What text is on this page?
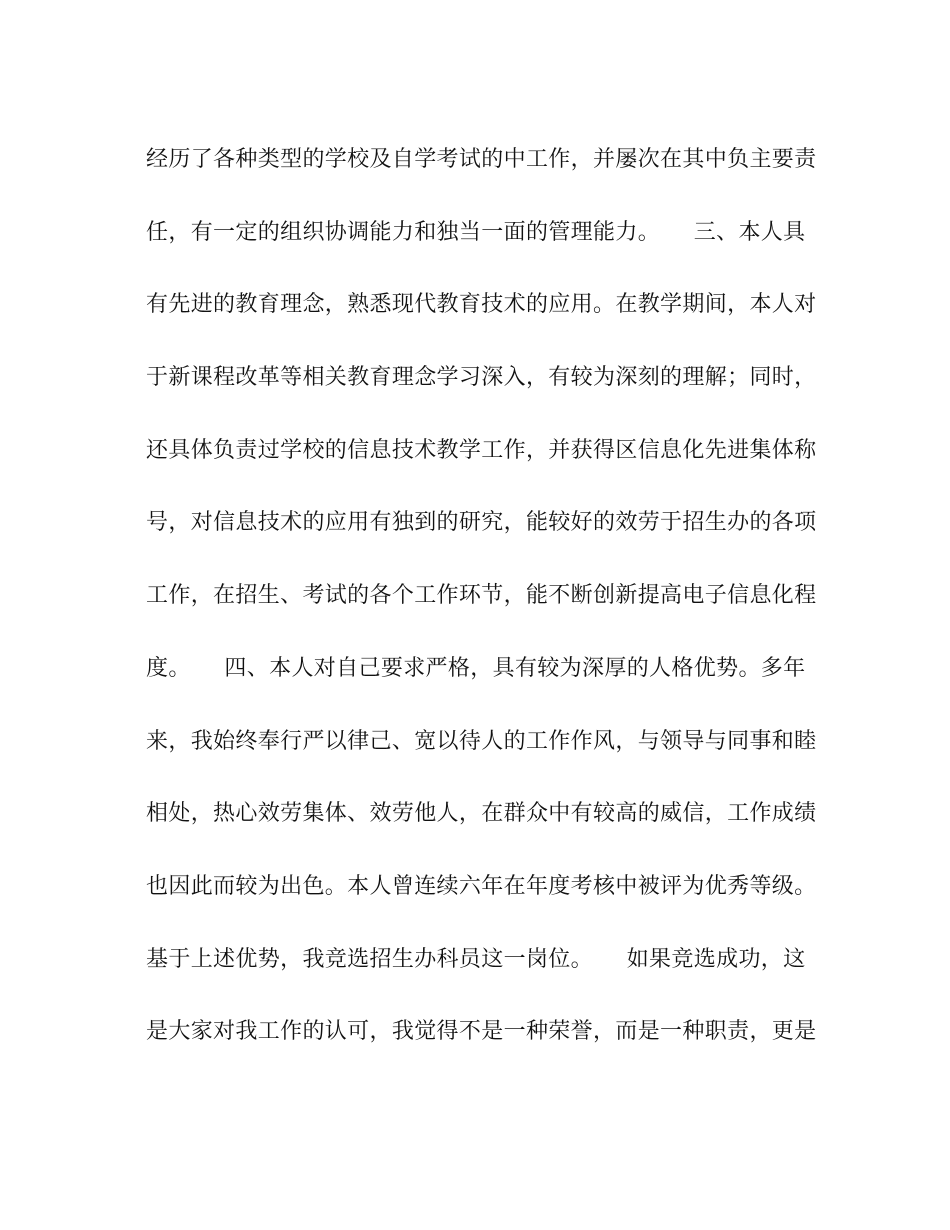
经历了各种类型的学校及自学考试的中工作，并屡次在其中负主要责
任，有一定的组织协调能力和独当一面的管理能力。　　三、本人具
有先进的教育理念，熟悉现代教育技术的应用。在教学期间，本人对
于新课程改革等相关教育理念学习深入，有较为深刻的理解；同时，
还具体负责过学校的信息技术教学工作，并获得区信息化先进集体称
号，对信息技术的应用有独到的研究，能较好的效劳于招生办的各项
工作，在招生、考试的各个工作环节，能不断创新提高电子信息化程
度。　　四、本人对自己要求严格，具有较为深厚的人格优势。多年
来，我始终奉行严以律己、宽以待人的工作作风，与领导与同事和睦
相处，热心效劳集体、效劳他人，在群众中有较高的威信，工作成绩
也因此而较为出色。本人曾连续六年在年度考核中被评为优秀等级。
基于上述优势，我竞选招生办科员这一岗位。　　如果竞选成功，这
是大家对我工作的认可，我觉得不是一种荣誉，而是一种职责，更是
